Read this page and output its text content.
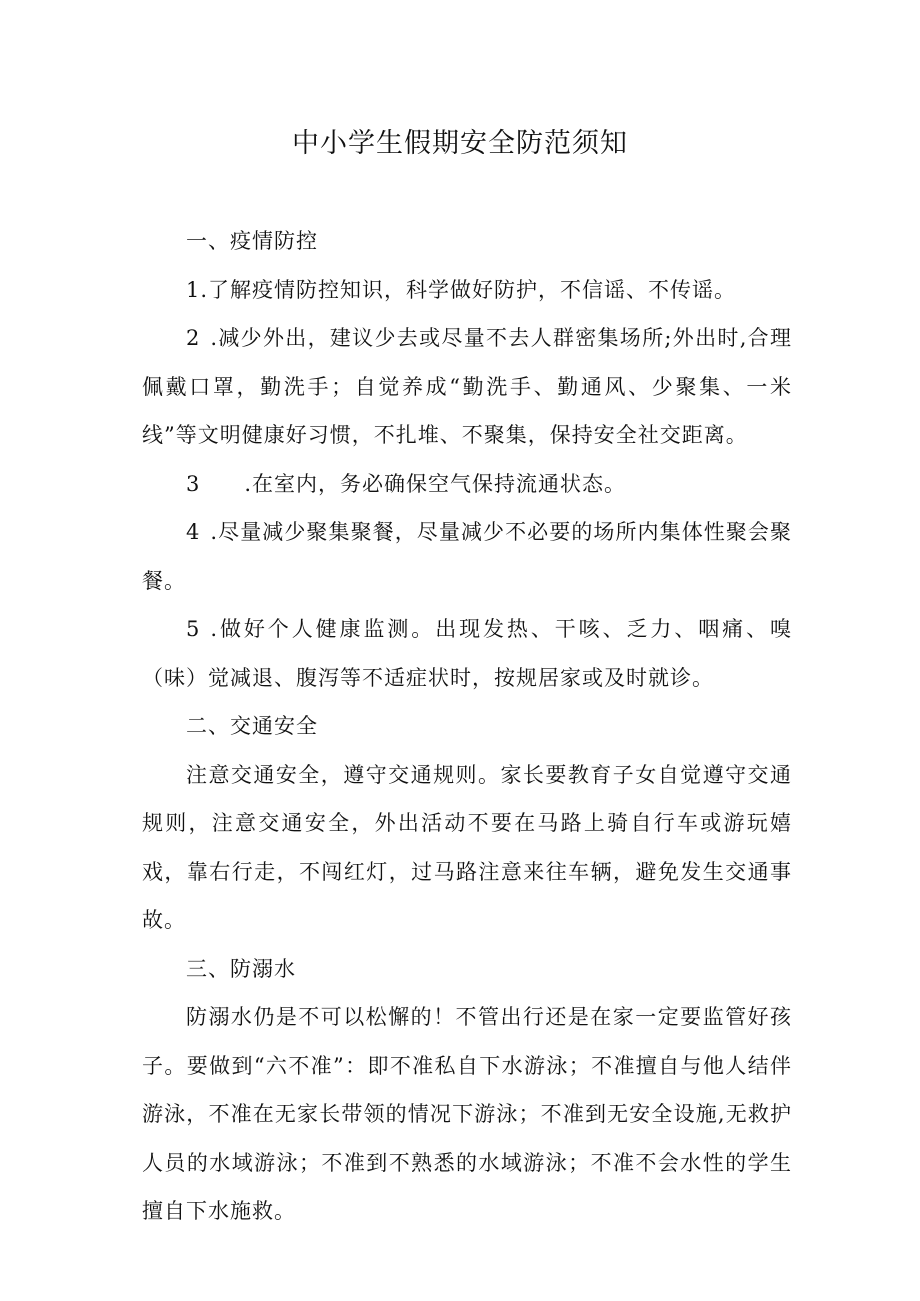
中小学生假期安全防范须知

一、疫情防控

1.了解疫情防控知识，科学做好防护，不信谣、不传谣。

2 .减少外出，建议少去或尽量不去人群密集场所;外出时,合理佩戴口罩，勤洗手；自觉养成“勤洗手、勤通风、少聚集、一米线”等文明健康好习惯，不扎堆、不聚集，保持安全社交距离。

3 .在室内，务必确保空气保持流通状态。

4 .尽量减少聚集聚餐，尽量减少不必要的场所内集体性聚会聚餐。

5 .做好个人健康监测。出现发热、干咳、乏力、咽痛、嗅（味）觉减退、腹泻等不适症状时，按规居家或及时就诊。

二、交通安全

注意交通安全，遵守交通规则。家长要教育子女自觉遵守交通规则，注意交通安全，外出活动不要在马路上骑自行车或游玩嬉戏，靠右行走，不闯红灯，过马路注意来往车辆，避免发生交通事故。

三、防溺水

防溺水仍是不可以松懈的！不管出行还是在家一定要监管好孩子。要做到“六不准”：即不准私自下水游泳；不准擅自与他人结伴游泳，不准在无家长带领的情况下游泳；不准到无安全设施,无救护人员的水域游泳；不准到不熟悉的水域游泳；不准不会水性的学生擅自下水施救。
